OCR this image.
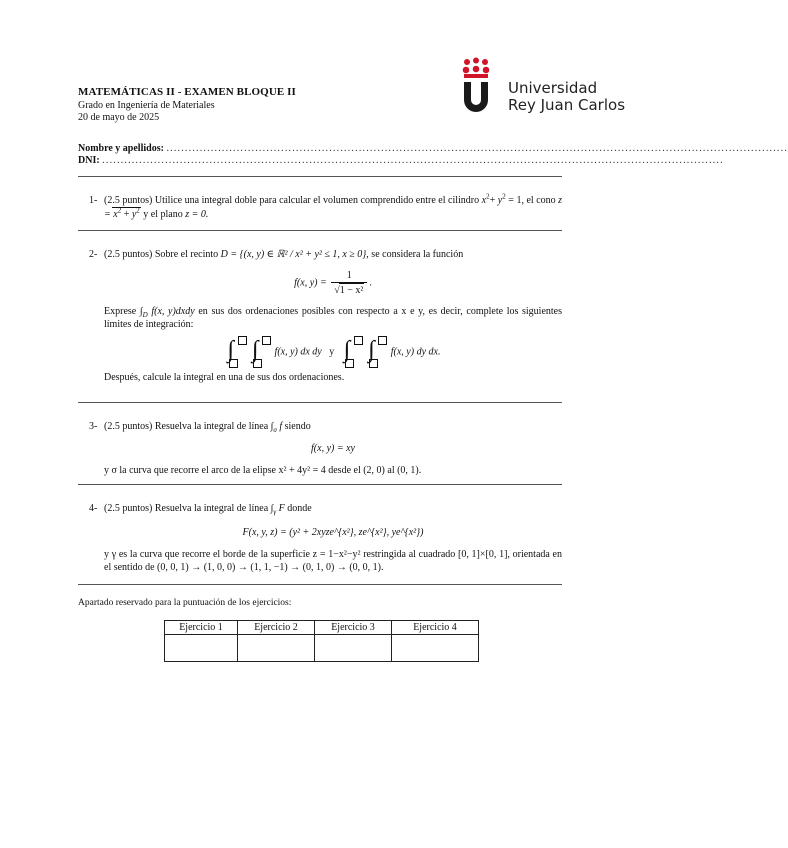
MATEMÁTICAS II - EXAMEN BLOQUE II
Grado en Ingeniería de Materiales
20 de mayo de 2025
Universidad
Rey Juan Carlos
Nombre y apellidos: ........................................................................................................................................................................
DNI: ........................................................................................................................................................................
1- (2.5 puntos) Utilice una integral doble para calcular el volumen comprendido entre el cilindro $x^2+ y^2 = 1$, el cono $z = x^2 + y^2$ y el plano z = 0.
2- (2.5 puntos) Sobre el recinto D = {(x, y) ∈ ℝ² / x² + y² ≤ 1, x ≥ 0}, se considera la función
f(x, $y) = \frac{1}{\text{√1 − x²}}$ .
Exprese $\int_D$ f(x, y)dxdy en sus dos ordenaciones posibles con respecto a x e y, es decir, complete los siguientes límites de integración:
∫
∫ f(x, y) dx dy y ∫
∫ f(x, y) dy dx.
Después, calcule la integral en una de sus dos ordenaciones.
3- (2.5 puntos) Resuelva la integral de línea $\int_\sigma$ f siendo
f(x, y) = xy
y σ la curva que recorre el arco de la elipse x² + 4y² = 4 desde el (2, 0) al (0, 1).
4- (2.5 puntos) Resuelva la integral de línea $\int_\gamma$ F donde
F(x, y, z) = (y² + 2xyze^{x²}, ze^{x²}, ye^{x²})
y γ es la curva que recorre el borde de la superficie z = 1−x²−y² restringida al cuadrado [0, 1]×[0, 1], orientada en el sentido de (0, 0, 1) → (1, 0, 0) → (1, 1, −1) → (0, 1, 0) → (0, 0, 1).
Apartado reservado para la puntuación de los ejercicios:
Ejercicio 1	Ejercicio 2	Ejercicio 3	Ejercicio 4
